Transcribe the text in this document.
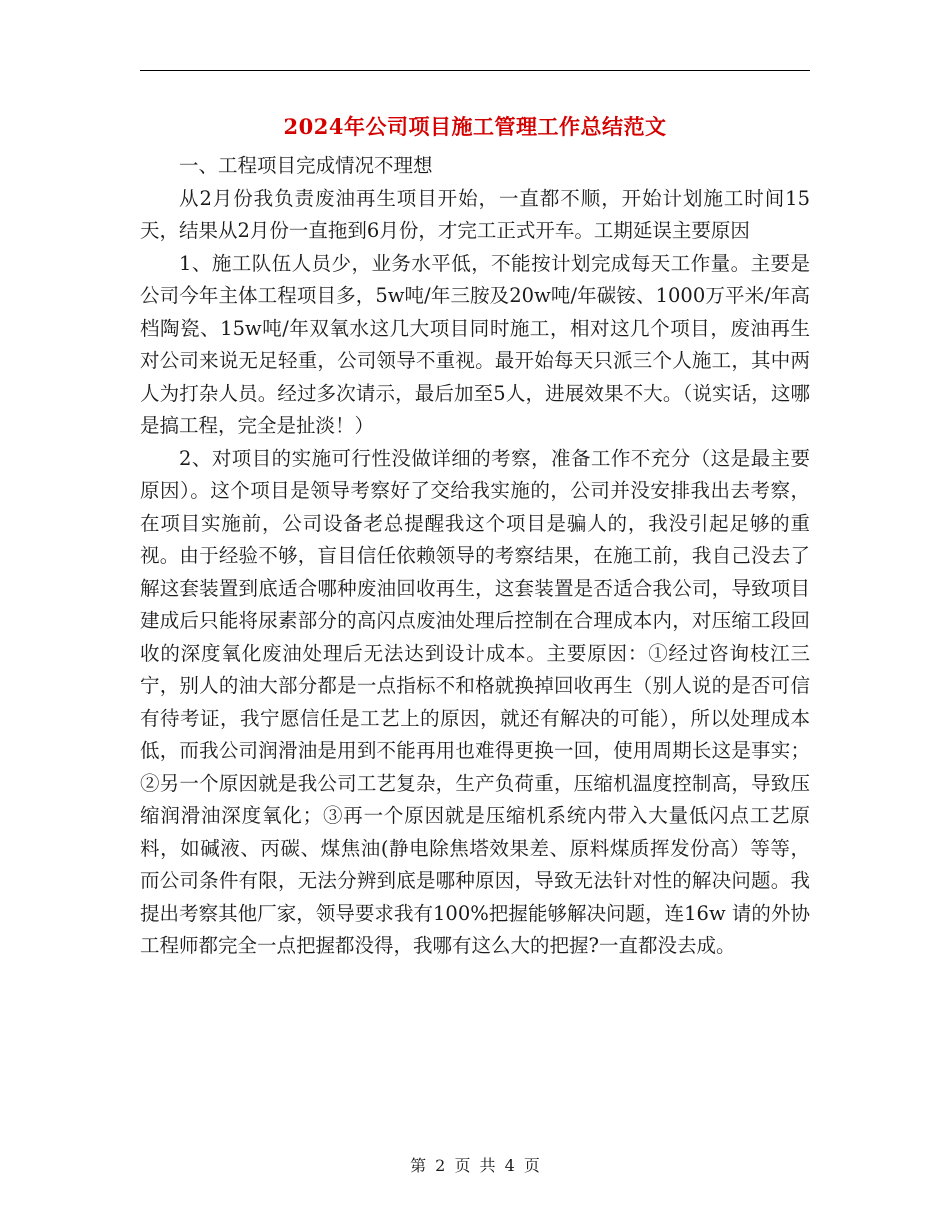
2024年公司项目施工管理工作总结范文

一、工程项目完成情况不理想

从2月份我负责废油再生项目开始，一直都不顺，开始计划施工时间15天，结果从2月份一直拖到6月份，才完工正式开车。工期延误主要原因

1、施工队伍人员少，业务水平低，不能按计划完成每天工作量。主要是公司今年主体工程项目多，5w吨/年三胺及20w吨/年碳铵、1000万平米/年高档陶瓷、15w吨/年双氧水这几大项目同时施工，相对这几个项目，废油再生对公司来说无足轻重，公司领导不重视。最开始每天只派三个人施工，其中两人为打杂人员。经过多次请示，最后加至5人，进展效果不大。（说实话，这哪是搞工程，完全是扯淡！）

2、对项目的实施可行性没做详细的考察，准备工作不充分（这是最主要原因）。这个项目是领导考察好了交给我实施的，公司并没安排我出去考察，在项目实施前，公司设备老总提醒我这个项目是骗人的，我没引起足够的重视。由于经验不够，盲目信任依赖领导的考察结果，在施工前，我自己没去了解这套装置到底适合哪种废油回收再生，这套装置是否适合我公司，导致项目建成后只能将尿素部分的高闪点废油处理后控制在合理成本内，对压缩工段回收的深度氧化废油处理后无法达到设计成本。主要原因：①经过咨询枝江三宁，别人的油大部分都是一点指标不和格就换掉回收再生（别人说的是否可信有待考证，我宁愿信任是工艺上的原因，就还有解决的可能），所以处理成本低，而我公司润滑油是用到不能再用也难得更换一回，使用周期长这是事实；②另一个原因就是我公司工艺复杂，生产负荷重，压缩机温度控制高，导致压缩润滑油深度氧化；③再一个原因就是压缩机系统内带入大量低闪点工艺原料，如碱液、丙碳、煤焦油(静电除焦塔效果差、原料煤质挥发份高）等等，而公司条件有限，无法分辨到底是哪种原因，导致无法针对性的解决问题。我提出考察其他厂家，领导要求我有100%把握能够解决问题，连16w 请的外协工程师都完全一点把握都没得，我哪有这么大的把握?一直都没去成。

第 2 页 共 4 页
